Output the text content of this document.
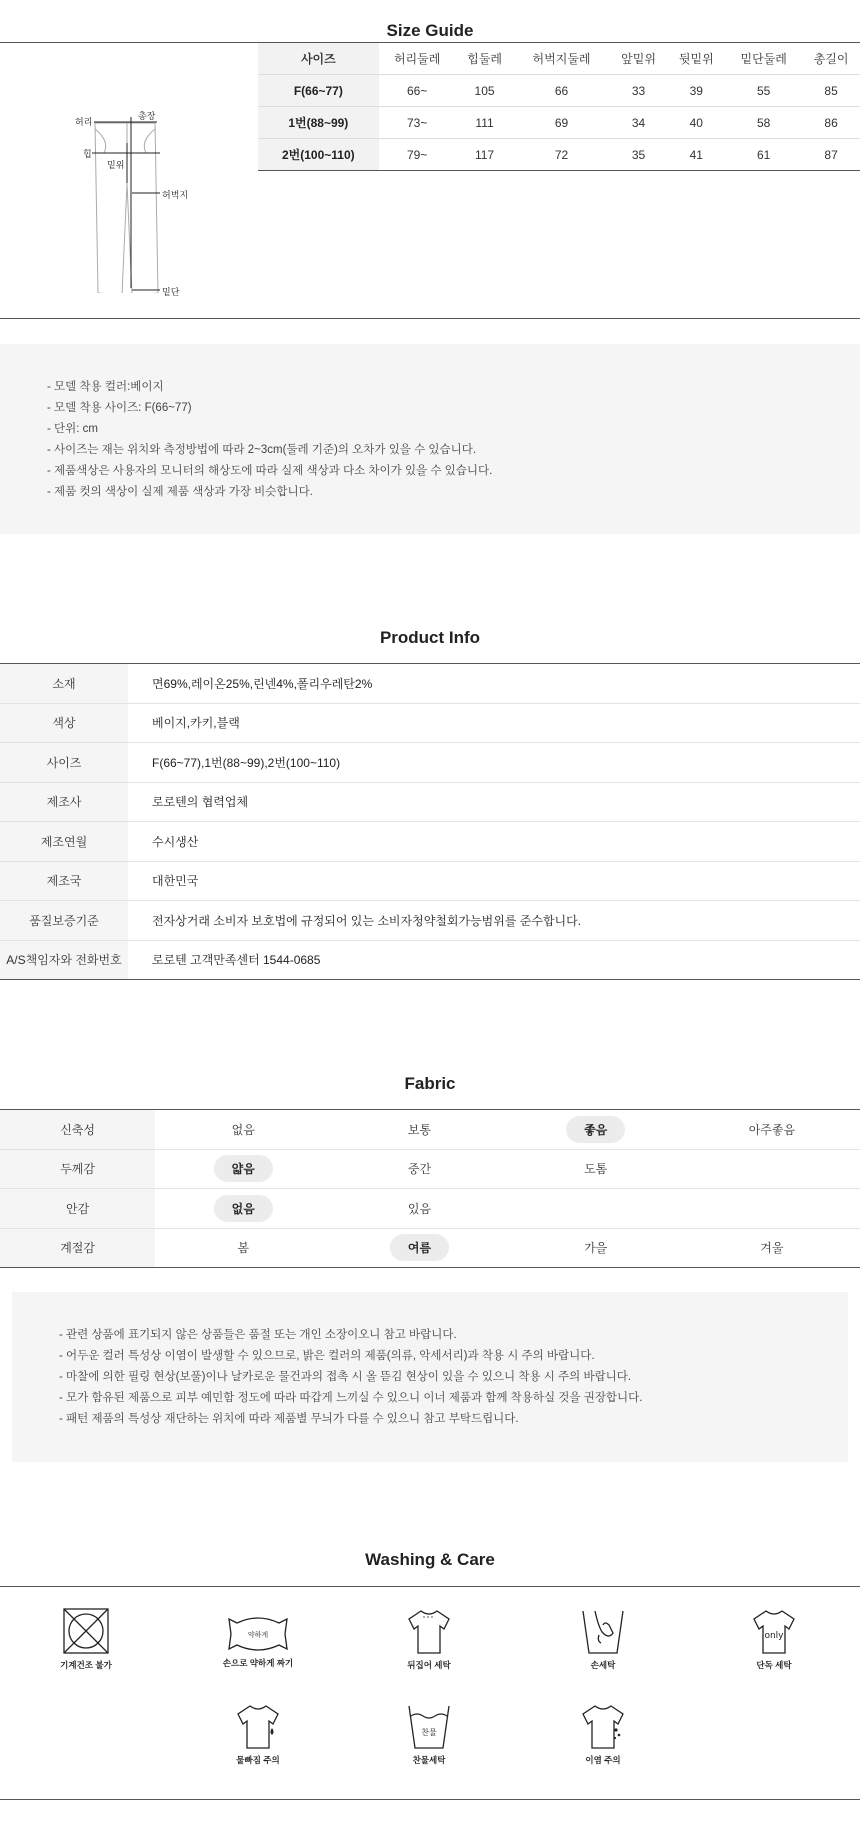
Size Guide
허리
총장
힙
밑위
허벅지
밑단
사이즈	허리둘레	힙둘레	허벅지둘레	앞밑위	뒷밑위	밑단둘레	총길이
F(66~77)	66~	105	66	33	39	55	85
1번(88~99)	73~	111	69	34	40	58	86
2번(100~110)	79~	117	72	35	41	61	87

- 모델 착용 컬러:베이지

- 모델 착용 사이즈: F(66~77)

- 단위: cm

- 사이즈는 재는 위치와 측정방법에 따라 2~3cm(둘레 기준)의 오차가 있을 수 있습니다.

- 제품색상은 사용자의 모니터의 해상도에 따라 실제 색상과 다소 차이가 있을 수 있습니다.

- 제품 컷의 색상이 실제 제품 색상과 가장 비슷합니다.

Product Info
소재	면69%,레이온25%,린넨4%,폴리우레탄2%
색상	베이지,카키,블랙
사이즈	F(66~77),1번(88~99),2번(100~110)
제조사	로로텐의 협력업체
제조연월	수시생산
제조국	대한민국
품질보증기준	전자상거래 소비자 보호법에 규정되어 있는 소비자청약철회가능범위를 준수합니다.
A/S책임자와 전화번호	로로텐 고객만족센터 1544-0685
Fabric
신축성	없음	보통	좋음	아주좋음
두께감	얇음	중간	도톰	
안감	없음	있음		
계절감	봄	여름	가을	겨울

- 관련 상품에 표기되지 않은 상품들은 품절 또는 개인 소장이오니 참고 바랍니다.

- 어두운 컬러 특성상 이염이 발생할 수 있으므로, 밝은 컬러의 제품(의류, 악세서리)과 착용 시 주의 바랍니다.

- 마찰에 의한 필링 현상(보풀)이나 날카로운 물건과의 접촉 시 올 뜯김 현상이 있을 수 있으니 착용 시 주의 바랍니다.

- 모가 함유된 제품으로 피부 예민함 정도에 따라 따갑게 느끼실 수 있으니 이너 제품과 함께 착용하실 것을 권장합니다.

- 패턴 제품의 특성상 재단하는 위치에 따라 제품별 무늬가 다를 수 있으니 참고 부탁드립니다.

Washing & Care
기계건조 불가
약하게
손으로 약하게 짜기	뒤집어 세탁	손세탁
only
단독 세탁
물빠짐 주의
찬물
찬물세탁	이염 주의
